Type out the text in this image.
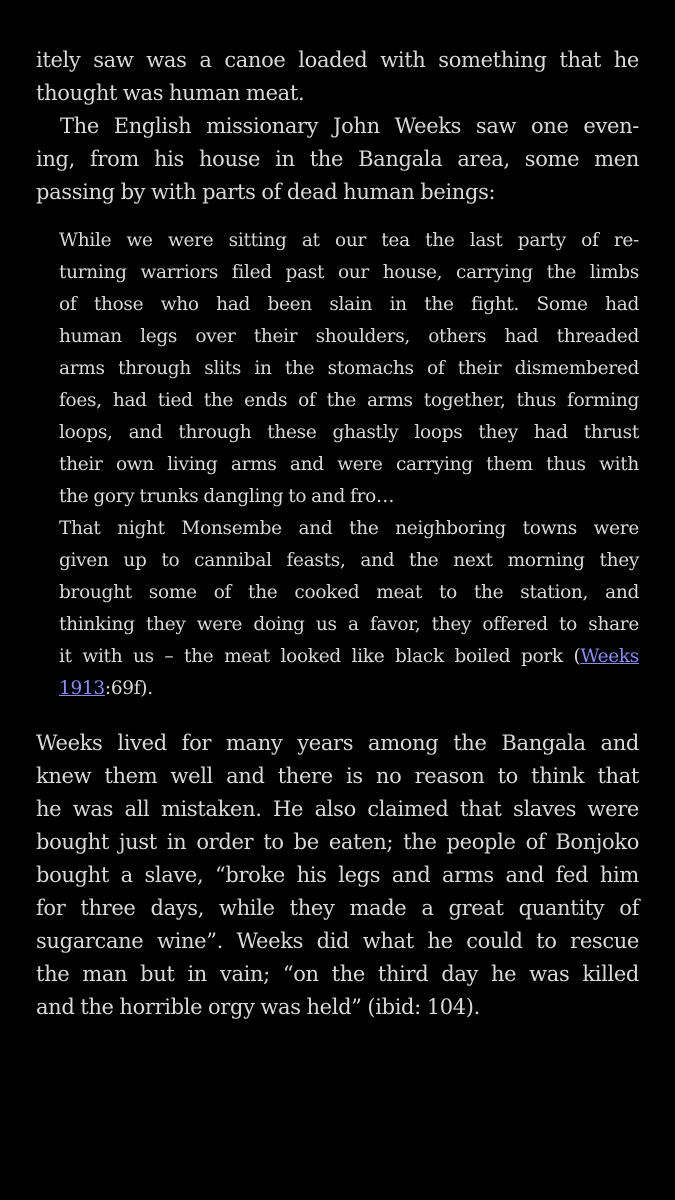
itely saw was a canoe loaded with something that he
thought was human meat.

The English missionary John Weeks saw one even-
ing, from his house in the Bangala area, some men
passing by with parts of dead human beings:

While we were sitting at our tea the last party of re-
turning warriors filed past our house, carrying the limbs
of those who had been slain in the fight. Some had
human legs over their shoulders, others had threaded
arms through slits in the stomachs of their dismembered
foes, had tied the ends of the arms together, thus forming
loops, and through these ghastly loops they had thrust
their own living arms and were carrying them thus with
the gory trunks dangling to and fro…

That night Monsembe and the neighboring towns were
given up to cannibal feasts, and the next morning they
brought some of the cooked meat to the station, and
thinking they were doing us a favor, they offered to share
it with us – the meat looked like black boiled pork (Weeks
1913:69f).

Weeks lived for many years among the Bangala and
knew them well and there is no reason to think that
he was all mistaken. He also claimed that slaves were
bought just in order to be eaten; the people of Bonjoko
bought a slave, “broke his legs and arms and fed him
for three days, while they made a great quantity of
sugarcane wine”. Weeks did what he could to rescue
the man but in vain; “on the third day he was killed
and the horrible orgy was held” (ibid: 104).
